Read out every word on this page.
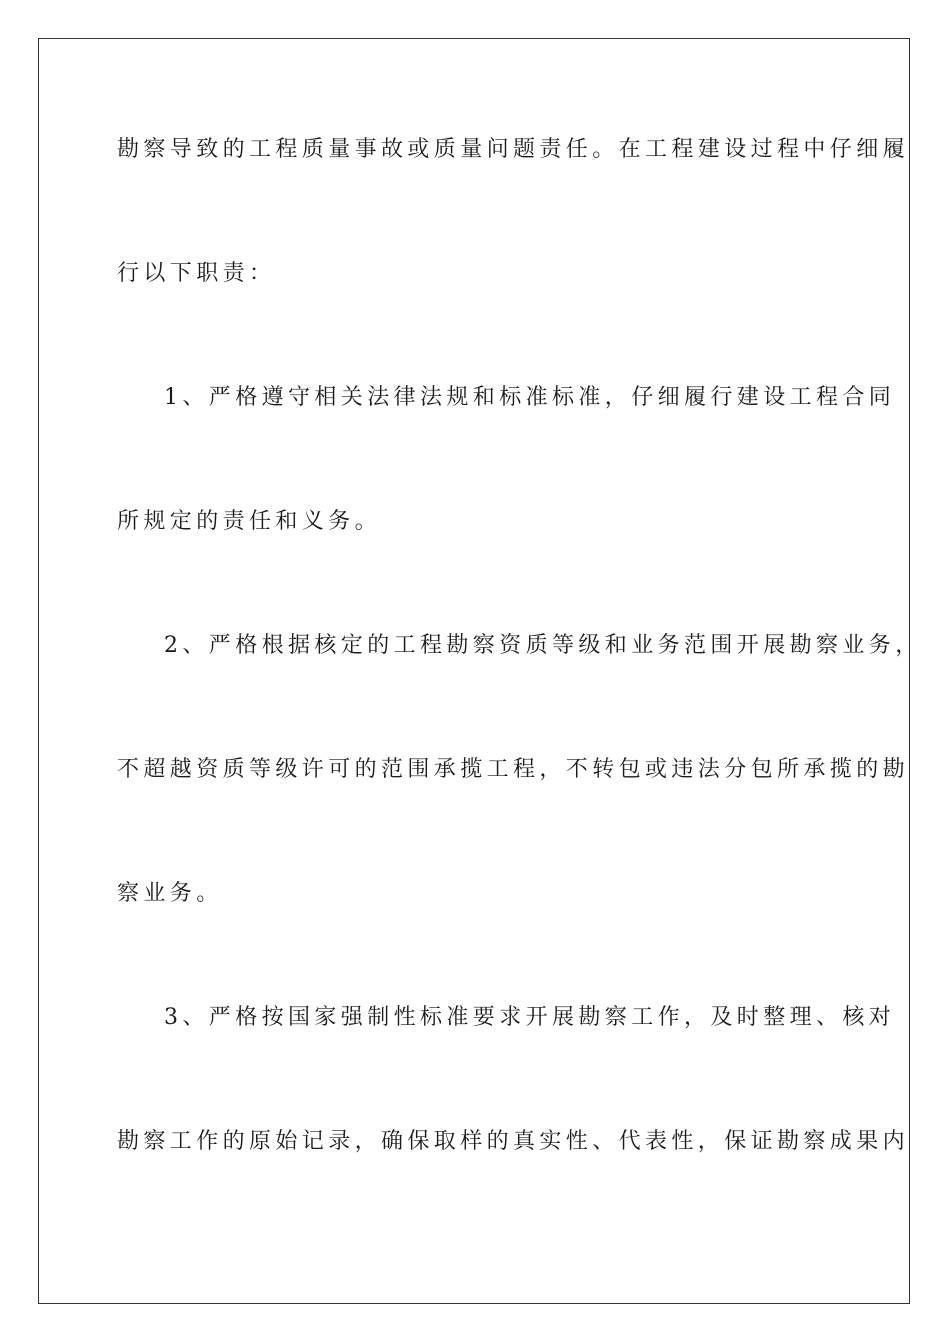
勘察导致的工程质量事故或质量问题责任。在工程建设过程中仔细履
行以下职责：
1、严格遵守相关法律法规和标准标准，仔细履行建设工程合同
所规定的责任和义务。
2、严格根据核定的工程勘察资质等级和业务范围开展勘察业务，
不超越资质等级许可的范围承揽工程，不转包或违法分包所承揽的勘
察业务。
3、严格按国家强制性标准要求开展勘察工作，及时整理、核对
勘察工作的原始记录，确保取样的真实性、代表性，保证勘察成果内
